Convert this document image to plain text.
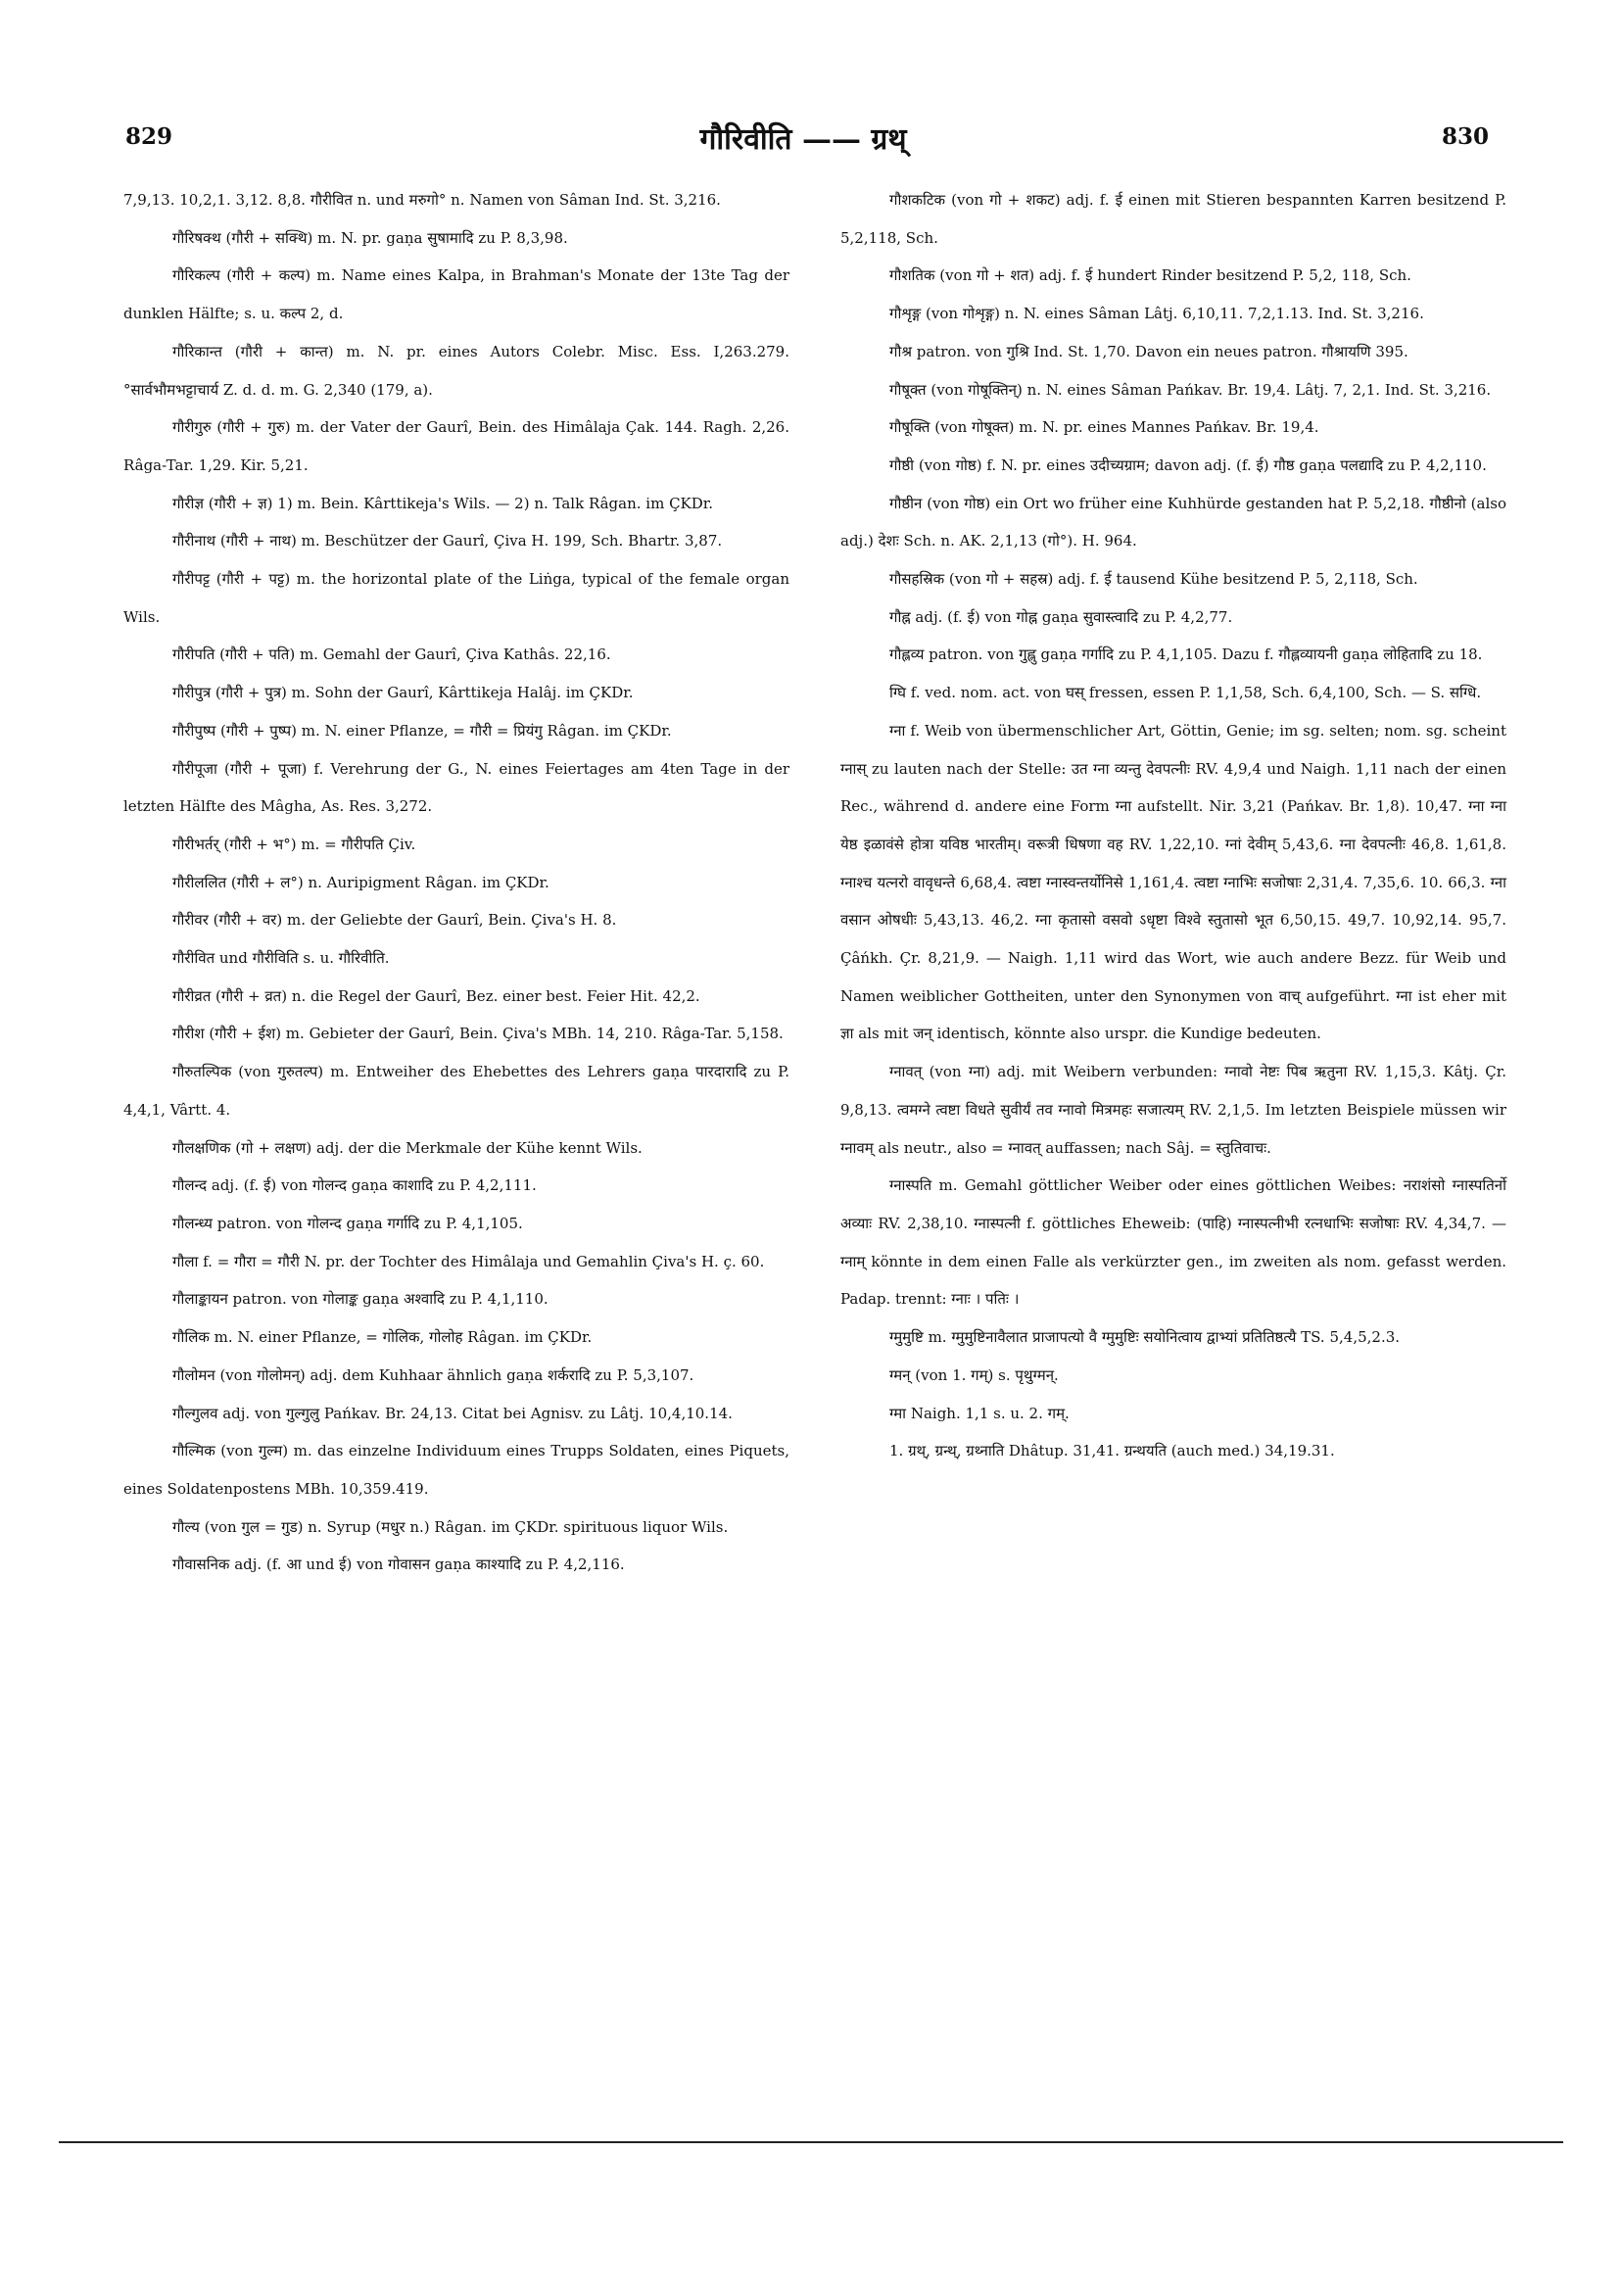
829	गौरिवीति —— ग्रथ्	830

7,9,13. 10,2,1. 3,12. 8,8. गौरीवित n. und मरुगो° n. Namen von Sâman Ind. St. 3,216.

गौरिषक्थ (गौरी + सक्थि) m. N. pr. gaṇa सुषामादि zu P. 8,3,98.

गौरिकल्प (गौरी + कल्प) m. Name eines Kalpa, in Brahman's Monate der 13te Tag der dunklen Hälfte; s. u. कल्प 2, d.

गौरिकान्त (गौरी + कान्त) m. N. pr. eines Autors Colebr. Misc. Ess. I,263.279. °सार्वभौमभट्टाचार्य Z. d. d. m. G. 2,340 (179, a).

गौरीगुरु (गौरी + गुरु) m. der Vater der Gaurî, Bein. des Himâlaja Çak. 144. Ragh. 2,26. Râga-Tar. 1,29. Kir. 5,21.

गौरीज्ञ (गौरी + ज्ञ) 1) m. Bein. Kârttikeja's Wils. — 2) n. Talk Râgan. im ÇKDr.

गौरीनाथ (गौरी + नाथ) m. Beschützer der Gaurî, Çiva H. 199, Sch. Bhartr. 3,87.

गौरीपट्ट (गौरी + पट्ट) m. the horizontal plate of the Liṅga, typical of the female organ Wils.

गौरीपति (गौरी + पति) m. Gemahl der Gaurî, Çiva Kathâs. 22,16.

गौरीपुत्र (गौरी + पुत्र) m. Sohn der Gaurî, Kârttikeja Halâj. im ÇKDr.

गौरीपुष्प (गौरी + पुष्प) m. N. einer Pflanze, = गौरी = प्रियंगु Râgan. im ÇKDr.

गौरीपूजा (गौरी + पूजा) f. Verehrung der G., N. eines Feiertages am 4ten Tage in der letzten Hälfte des Mâgha, As. Res. 3,272.

गौरीभर्तर् (गौरी + भ°) m. = गौरीपति Çiv.

गौरीललित (गौरी + ल°) n. Auripigment Râgan. im ÇKDr.

गौरीवर (गौरी + वर) m. der Geliebte der Gaurî, Bein. Çiva's H. 8.

गौरीवित und गौरीविति s. u. गौरिवीति.

गौरीव्रत (गौरी + व्रत) n. die Regel der Gaurî, Bez. einer best. Feier Hit. 42,2.

गौरीश (गौरी + ईश) m. Gebieter der Gaurî, Bein. Çiva's MBh. 14, 210. Râga-Tar. 5,158.

गौरुतल्पिक (von गुरुतल्प) m. Entweiher des Ehebettes des Lehrers gaṇa पारदारादि zu P. 4,4,1, Vârtt. 4.

गौलक्षणिक (गो + लक्षण) adj. der die Merkmale der Kühe kennt Wils.

गौलन्द adj. (f. ई) von गोलन्द gaṇa काशादि zu P. 4,2,111.

गौलन्ध्य patron. von गोलन्द gaṇa गर्गादि zu P. 4,1,105.

गौला f. = गौरा = गौरी N. pr. der Tochter des Himâlaja und Gemahlin Çiva's H. ç. 60.

गौलाङ्कायन patron. von गोलाङ्क gaṇa अश्वादि zu P. 4,1,110.

गौलिक m. N. einer Pflanze, = गोलिक, गोलोह Râgan. im ÇKDr.

गौलोमन (von गोलोमन्) adj. dem Kuhhaar ähnlich gaṇa शर्करादि zu P. 5,3,107.

गौल्गुलव adj. von गुल्गुलु Pańkav. Br. 24,13. Citat bei Agnisv. zu Lâtj. 10,4,10.14.

गौल्मिक (von गुल्म) m. das einzelne Individuum eines Trupps Soldaten, eines Piquets, eines Soldatenpostens MBh. 10,359.419.

गौल्य (von गुल = गुड) n. Syrup (मधुर n.) Râgan. im ÇKDr. spirituous liquor Wils.

गौवासनिक adj. (f. आ und ई) von गोवासन gaṇa काश्यादि zu P. 4,2,116.

गौशकटिक (von गो + शकट) adj. f. ई einen mit Stieren bespannten Karren besitzend P. 5,2,118, Sch.

गौशतिक (von गो + शत) adj. f. ई hundert Rinder besitzend P. 5,2, 118, Sch.

गौशृङ्ग (von गोशृङ्ग) n. N. eines Sâman Lâtj. 6,10,11. 7,2,1.13. Ind. St. 3,216.

गौश्र patron. von गुश्रि Ind. St. 1,70. Davon ein neues patron. गौश्रायणि 395.

गौषूक्त (von गोषूक्तिन्) n. N. eines Sâman Pańkav. Br. 19,4. Lâtj. 7, 2,1. Ind. St. 3,216.

गौषूक्ति (von गोषूक्त) m. N. pr. eines Mannes Pańkav. Br. 19,4.

गौष्ठी (von गोष्ठ) f. N. pr. eines उदीच्यग्राम; davon adj. (f. ई) गौष्ठ gaṇa पलद्यादि zu P. 4,2,110.

गौष्ठीन (von गोष्ठ) ein Ort wo früher eine Kuhhürde gestanden hat P. 5,2,18. गौष्ठीनो (also adj.) देशः Sch. n. AK. 2,1,13 (गो°). H. 964.

गौसहस्रिक (von गो + सहस्र) adj. f. ई tausend Kühe besitzend P. 5, 2,118, Sch.

गौह्न adj. (f. ई) von गोह्न gaṇa सुवास्त्वादि zu P. 4,2,77.

गौह्लव्य patron. von गुह्लु gaṇa गर्गादि zu P. 4,1,105. Dazu f. गौह्लव्यायनी gaṇa लोहितादि zu 18.

ग्घि f. ved. nom. act. von घस् fressen, essen P. 1,1,58, Sch. 6,4,100, Sch. — S. सग्धि.

ग्ना f. Weib von übermenschlicher Art, Göttin, Genie; im sg. selten; nom. sg. scheint ग्नास् zu lauten nach der Stelle: उत ग्ना व्यन्तु देवपत्नीः RV. 4,9,4 und Naigh. 1,11 nach der einen Rec., während d. andere eine Form ग्ना aufstellt. Nir. 3,21 (Pańkav. Br. 1,8). 10,47. ग्ना ग्ना येष्ठ इळावंसे होत्रा यविष्ठ भारतीम्। वरूत्री धिषणा वह RV. 1,22,10. ग्नां देवीम् 5,43,6. ग्ना देवपत्नीः 46,8. 1,61,8. ग्नाश्च यत्नरो वावृधन्ते 6,68,4. त्वष्टा ग्नास्वन्तर्योनिसे 1,161,4. त्वष्टा ग्नाभिः सजोषाः 2,31,4. 7,35,6. 10. 66,3. ग्ना वसान ओषधीः 5,43,13. 46,2. ग्ना कृतासो वसवो ऽधृष्टा विश्वे स्तुतासो भूत 6,50,15. 49,7. 10,92,14. 95,7. Çâńkh. Çr. 8,21,9. — Naigh. 1,11 wird das Wort, wie auch andere Bezz. für Weib und Namen weiblicher Gottheiten, unter den Synonymen von वाच् aufgeführt. ग्ना ist eher mit ज्ञा als mit जन् identisch, könnte also urspr. die Kundige bedeuten.

ग्नावत् (von ग्ना) adj. mit Weibern verbunden: ग्नावो नेष्टः पिब ऋतुना RV. 1,15,3. Kâtj. Çr. 9,8,13. त्वमग्ने त्वष्टा विधते सुवीर्यं तव ग्नावो मित्रमहः सजात्यम् RV. 2,1,5. Im letzten Beispiele müssen wir ग्नावम् als neutr., also = ग्नावत् auffassen; nach Sâj. = स्तुतिवाचः.

ग्नास्पति m. Gemahl göttlicher Weiber oder eines göttlichen Weibes: नराशंसो ग्नास्पतिर्नो अव्याः RV. 2,38,10. ग्नास्पत्नी f. göttliches Eheweib: (पाहि) ग्नास्पत्नीभी रत्नधाभिः सजोषाः RV. 4,34,7. — ग्नाम् könnte in dem einen Falle als verkürzter gen., im zweiten als nom. gefasst werden. Padap. trennt: ग्नाः । पतिः ।

ग्मुमुष्टि m. ग्मुमुष्टिनावैलात प्राजापत्यो वै ग्मुमुष्टिः सयोनित्वाय द्वाभ्यां प्रतितिष्ठत्यै TS. 5,4,5,2.3.

ग्मन् (von 1. गम्) s. पृथुग्मन्.

ग्मा Naigh. 1,1 s. u. 2. गम्.

1. ग्रथ्, ग्रन्थ्, ग्रथ्नाति Dhâtup. 31,41. ग्रन्थयति (auch med.) 34,19.31.
